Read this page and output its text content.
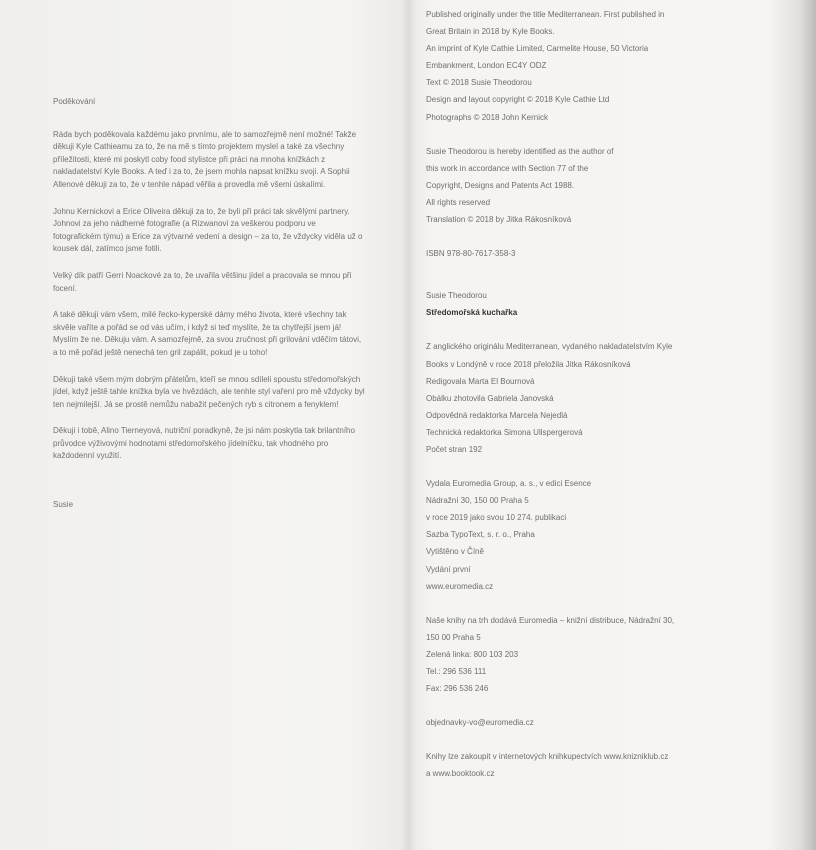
Poděkování

Ráda bych poděkovala každému jako prvnímu, ale to samozřejmě není možné! Takže děkuji Kyle Cathieamu za to, že na mě s tímto projektem myslel a také za všechny příležitosti, které mi poskytl coby food stylistce při práci na mnoha knížkách z nakladatelství Kyle Books. A teď i za to, že jsem mohla napsat knížku svoji. A Sophii Allenové děkuji za to, že v tenhle nápad věřila a provedla mě všemi úskalími.

Johnu Kernickovi a Erice Oliveira děkuji za to, že byli při práci tak skvělými partnery. Johnovi za jeho nádherné fotografie (a Rizwanovi za veškerou podporu ve fotografickém týmu) a Erice za výtvarné vedení a design – za to, že vždycky viděla už o kousek dál, zatímco jsme fotili.

Velký dík patří Gerri Noackové za to, že uvařila většinu jídel a pracovala se mnou při focení.

A také děkuji vám všem, milé řecko-kyperské dámy mého života, které všechny tak skvěle vaříte a pořád se od vás učím, i když si teď myslíte, že ta chytřejší jsem já! Myslím že ne. Děkuju vám. A samozřejmě, za svou zručnost při grilování vděčím tátovi, a to mě pořád ještě nenechá ten gril zapálit, pokud je u toho!

Děkuji také všem mým dobrým přátelům, kteří se mnou sdíleli spoustu středomořských jídel, když ještě tahle knížka byla ve hvězdách, ale tenhle styl vaření pro mě vždycky byl ten nejmilejší. Já se prostě nemůžu nabažit pečených ryb s citronem a fenyklem!

Děkuji i tobě, Alino Tierneyová, nutriční poradkyně, že jsi nám poskytla tak brilantního průvodce výživovými hodnotami středomořského jídelníčku, tak vhodného pro každodenní využití.

Susie

Published originally under the title Mediterranean. First published in
Great Britain in 2018 by Kyle Books.
An imprint of Kyle Cathie Limited, Carmelite House, 50 Victoria
Embankment, London EC4Y ODZ
Text © 2018 Susie Theodorou
Design and layout copyright © 2018 Kyle Cathie Ltd
Photographs © 2018 John Kernick
Susie Theodorou is hereby identified as the author of
this work in accordance with Section 77 of the
Copyright, Designs and Patents Act 1988.
All rights reserved
Translation © 2018 by Jitka Rákosníková
ISBN 978-80-7617-358-3
Susie Theodorou
Středomořská kuchařka
Z anglického originálu Mediterranean, vydaného nakladatelstvím Kyle
Books v Londýně v roce 2018 přeložila Jitka Rákosníková
Redigovala Marta El Bournová
Obálku zhotovila Gabriela Janovská
Odpovědná redaktorka Marcela Nejedlá
Technická redaktorka Simona Ullspergerová
Počet stran 192
Vydala Euromedia Group, a. s., v edici Esence
Nádražní 30, 150 00 Praha 5
v roce 2019 jako svou 10 274. publikaci
Sazba TypoText, s. r. o., Praha
Vytištěno v Číně
Vydání první
www.euromedia.cz
Naše knihy na trh dodává Euromedia – knižní distribuce, Nádražní 30,
150 00 Praha 5
Zelená linka: 800 103 203
Tel.: 296 536 111
Fax: 296 536 246
objednavky-vo@euromedia.cz
Knihy lze zakoupit v internetových knihkupectvích www.knizniklub.cz
a www.booktook.cz
